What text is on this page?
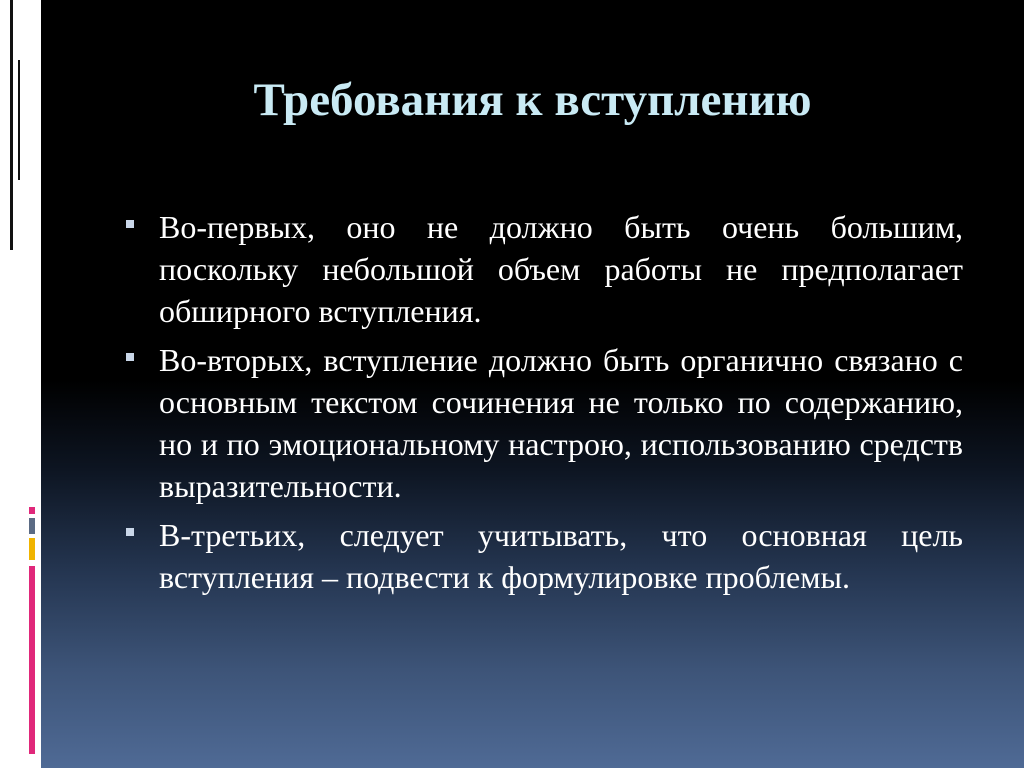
Требования к вступлению
Во-первых, оно не должно быть очень большим, поскольку небольшой объем работы не предполагает обширного вступления.
Во-вторых, вступление должно быть органично связано с основным текстом сочинения не только по содержанию, но и по эмоциональному настрою, использованию средств выразительности.
В-третьих, следует учитывать, что основная цель вступления – подвести к формулировке проблемы.
